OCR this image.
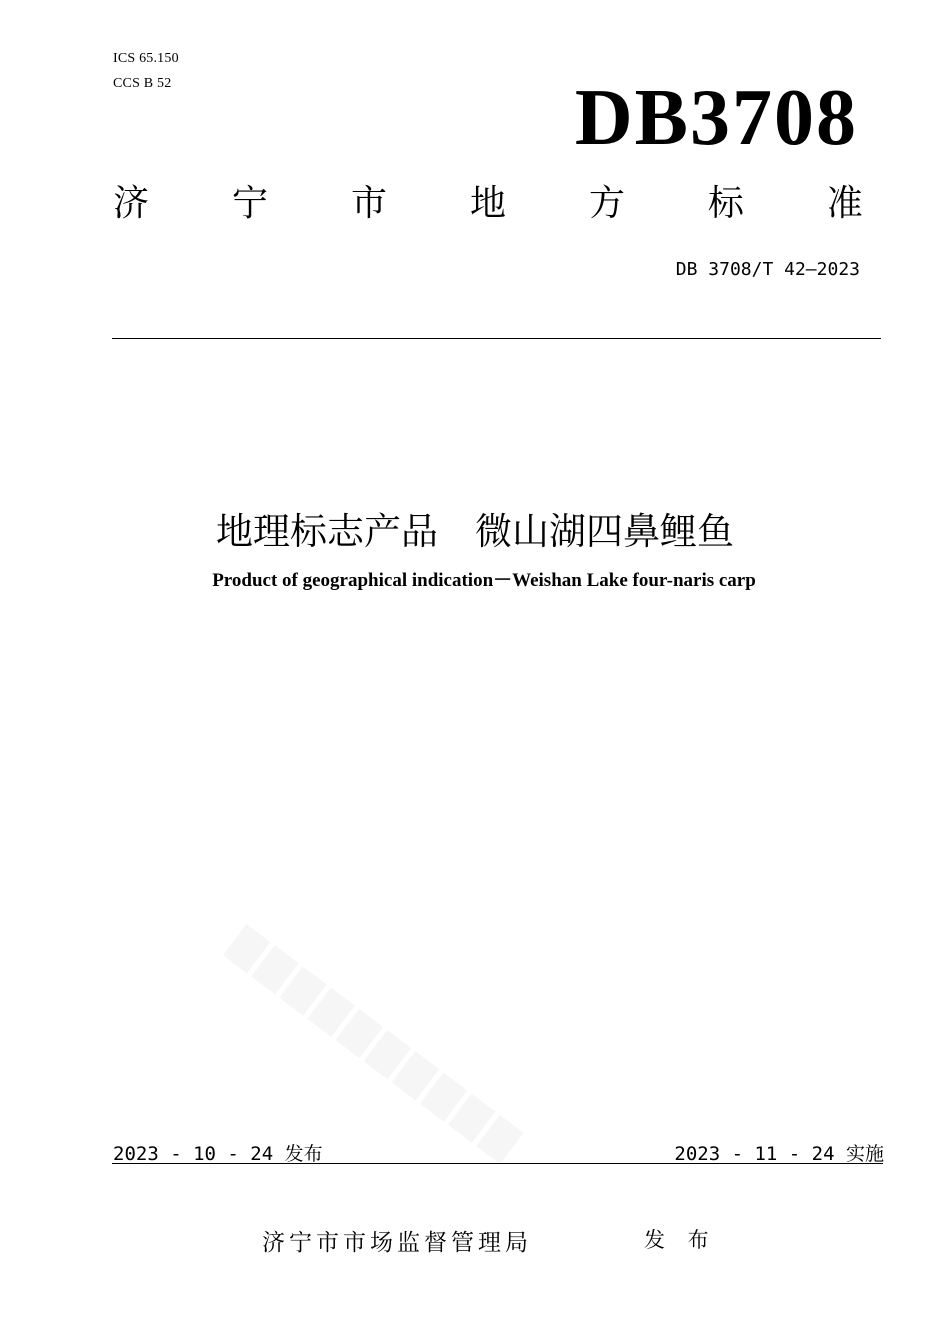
ICS 65.150
CCS B 52	DB3708
济 宁 市 地 方 标 准
DB 3708/T 42—2023
地理标志产品　微山湖四鼻鲤鱼
Product of geographical indication－Weishan Lake four-naris carp
2023 - 10 - 24 发布	2023 - 11 - 24 实施
济宁市市场监督管理局	发 布
